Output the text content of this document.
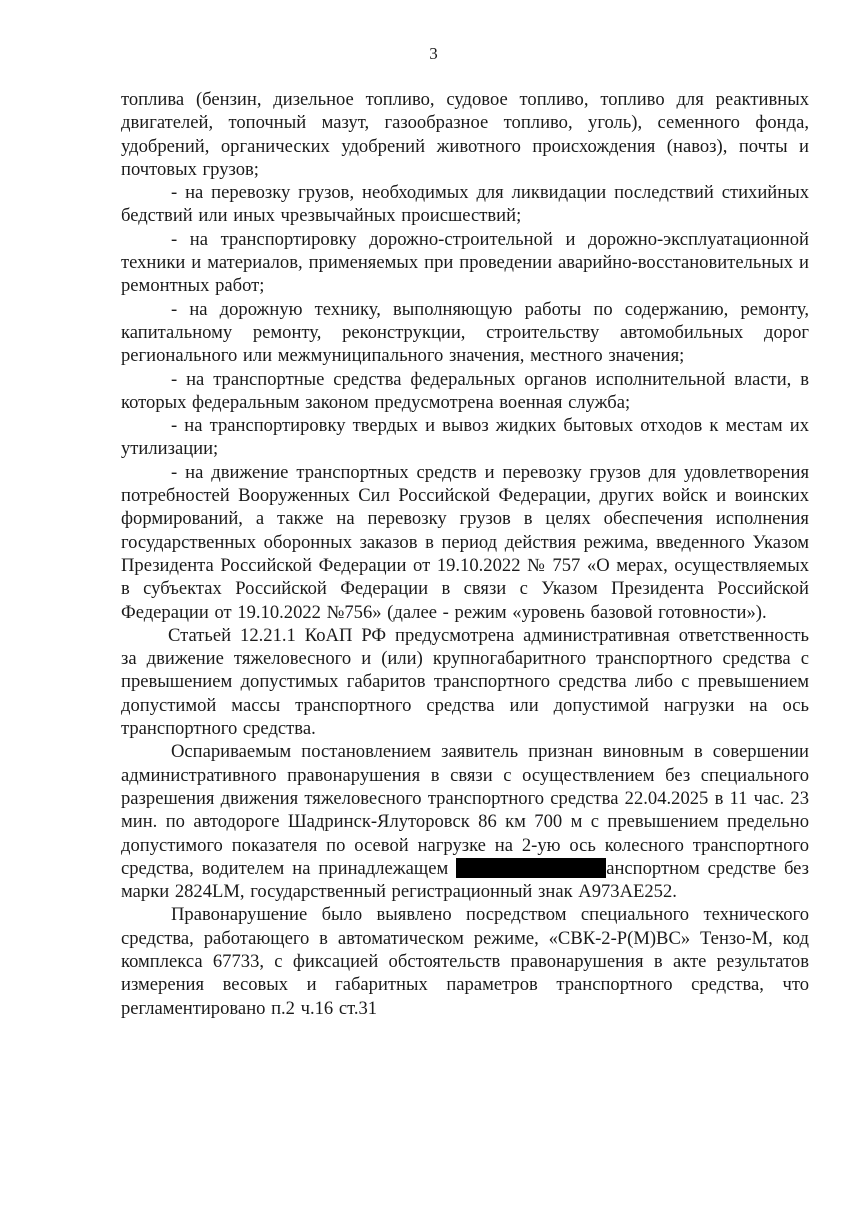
3

топлива (бензин, дизельное топливо, судовое топливо, топливо для реактивных двигателей, топочный мазут, газообразное топливо, уголь), семенного фонда, удобрений, органических удобрений животного происхождения (навоз), почты и почтовых грузов;

- на перевозку грузов, необходимых для ликвидации последствий стихийных бедствий или иных чрезвычайных происшествий;

- на транспортировку дорожно-строительной и дорожно-эксплуатационной техники и материалов, применяемых при проведении аварийно-восстановительных и ремонтных работ;

- на дорожную технику, выполняющую работы по содержанию, ремонту, капитальному ремонту, реконструкции, строительству автомобильных дорог регионального или межмуниципального значения, местного значения;

- на транспортные средства федеральных органов исполнительной власти, в которых федеральным законом предусмотрена военная служба;

- на транспортировку твердых и вывоз жидких бытовых отходов к местам их утилизации;

- на движение транспортных средств и перевозку грузов для удовлетворения потребностей Вооруженных Сил Российской Федерации, других войск и воинских формирований, а также на перевозку грузов в целях обеспечения исполнения государственных оборонных заказов в период действия режима, введенного Указом Президента Российской Федерации от 19.10.2022 № 757 «О мерах, осуществляемых в субъектах Российской Федерации в связи с Указом Президента Российской Федерации от 19.10.2022 №756» (далее - режим «уровень базовой готовности»).

Статьей 12.21.1 КоАП РФ предусмотрена административная ответственность за движение тяжеловесного и (или) крупногабаритного транспортного средства с превышением допустимых габаритов транспортного средства либо с превышением допустимой массы транспортного средства или допустимой нагрузки на ось транспортного средства.

Оспариваемым постановлением заявитель признан виновным в совершении административного правонарушения в связи с осуществлением без специального разрешения движения тяжеловесного транспортного средства 22.04.2025 в 11 час. 23 мин. по автодороге Шадринск-Ялуторовск 86 км 700 м с превышением предельно допустимого показателя по осевой нагрузке на 2-ую ось колесного транспортного средства, водителем на принадлежащем	анспортном средстве без марки 2824LM, государственный регистрационный знак А973АЕ252.

Правонарушение было выявлено посредством специального технического средства, работающего в автоматическом режиме, «СВК-2-Р(М)ВС» Тензо-М, код комплекса 67733, с фиксацией обстоятельств правонарушения в акте результатов измерения весовых и габаритных параметров транспортного средства, что регламентировано п.2 ч.16 ст.31
